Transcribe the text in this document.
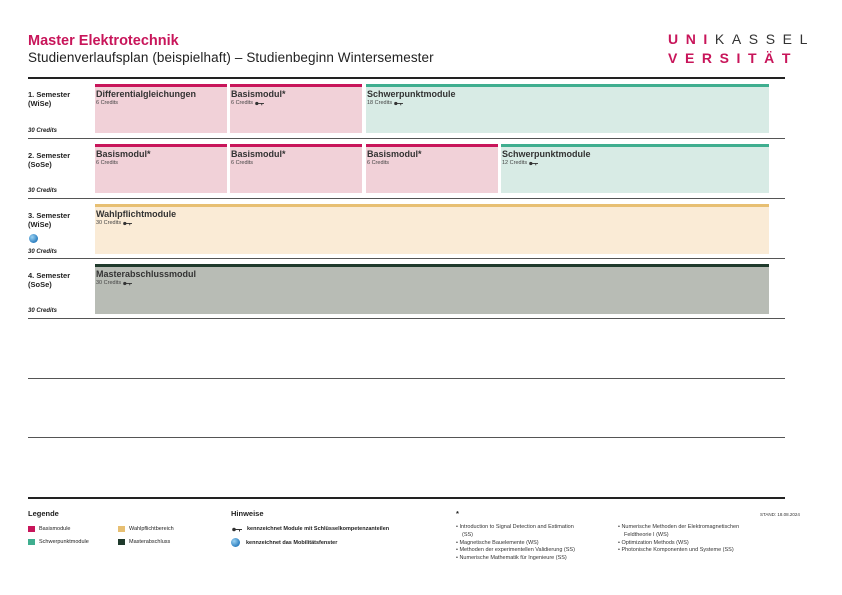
Master Elektrotechnik
Studienverlaufsplan (beispielhaft) – Studienbeginn Wintersemester
UNIKASSEL
VERSITÄT
1. Semester
(WiSe)
30 Credits
Differentialgleichungen
6 Credits
Basismodul*
6 Credits
Schwerpunktmodule
18 Credits
2. Semester
(SoSe)
30 Credits
Basismodul*
6 Credits
Basismodul*
6 Credits
Basismodul*
6 Credits
Schwerpunktmodule
12 Credits
3. Semester
(WiSe)
30 Credits
Wahlpflichtmodule
30 Credits
4. Semester
(SoSe)
30 Credits
Masterabschlussmodul
30 Credits
Legende
Basismodule	Wahlpflichtbereich
Schwerpunktmodule	Masterabschluss
Hinweise
kennzeichnet Module mit Schlüsselkompetenzanteilen
kennzeichnet das Mobilitätsfenster
*
• Introduction to Signal Detection and Estimation
(SS)
• Magnetische Bauelemente (WS)
• Methoden der experimentellen Validierung (SS)
• Numerische Mathematik für Ingenieure (SS)
• Numerische Methoden der Elektromagnetischen
Feldtheorie I (WS)
• Optimization Methods (WS)
• Photonische Komponenten und Systeme (SS)
STAND: 18.08.2024
